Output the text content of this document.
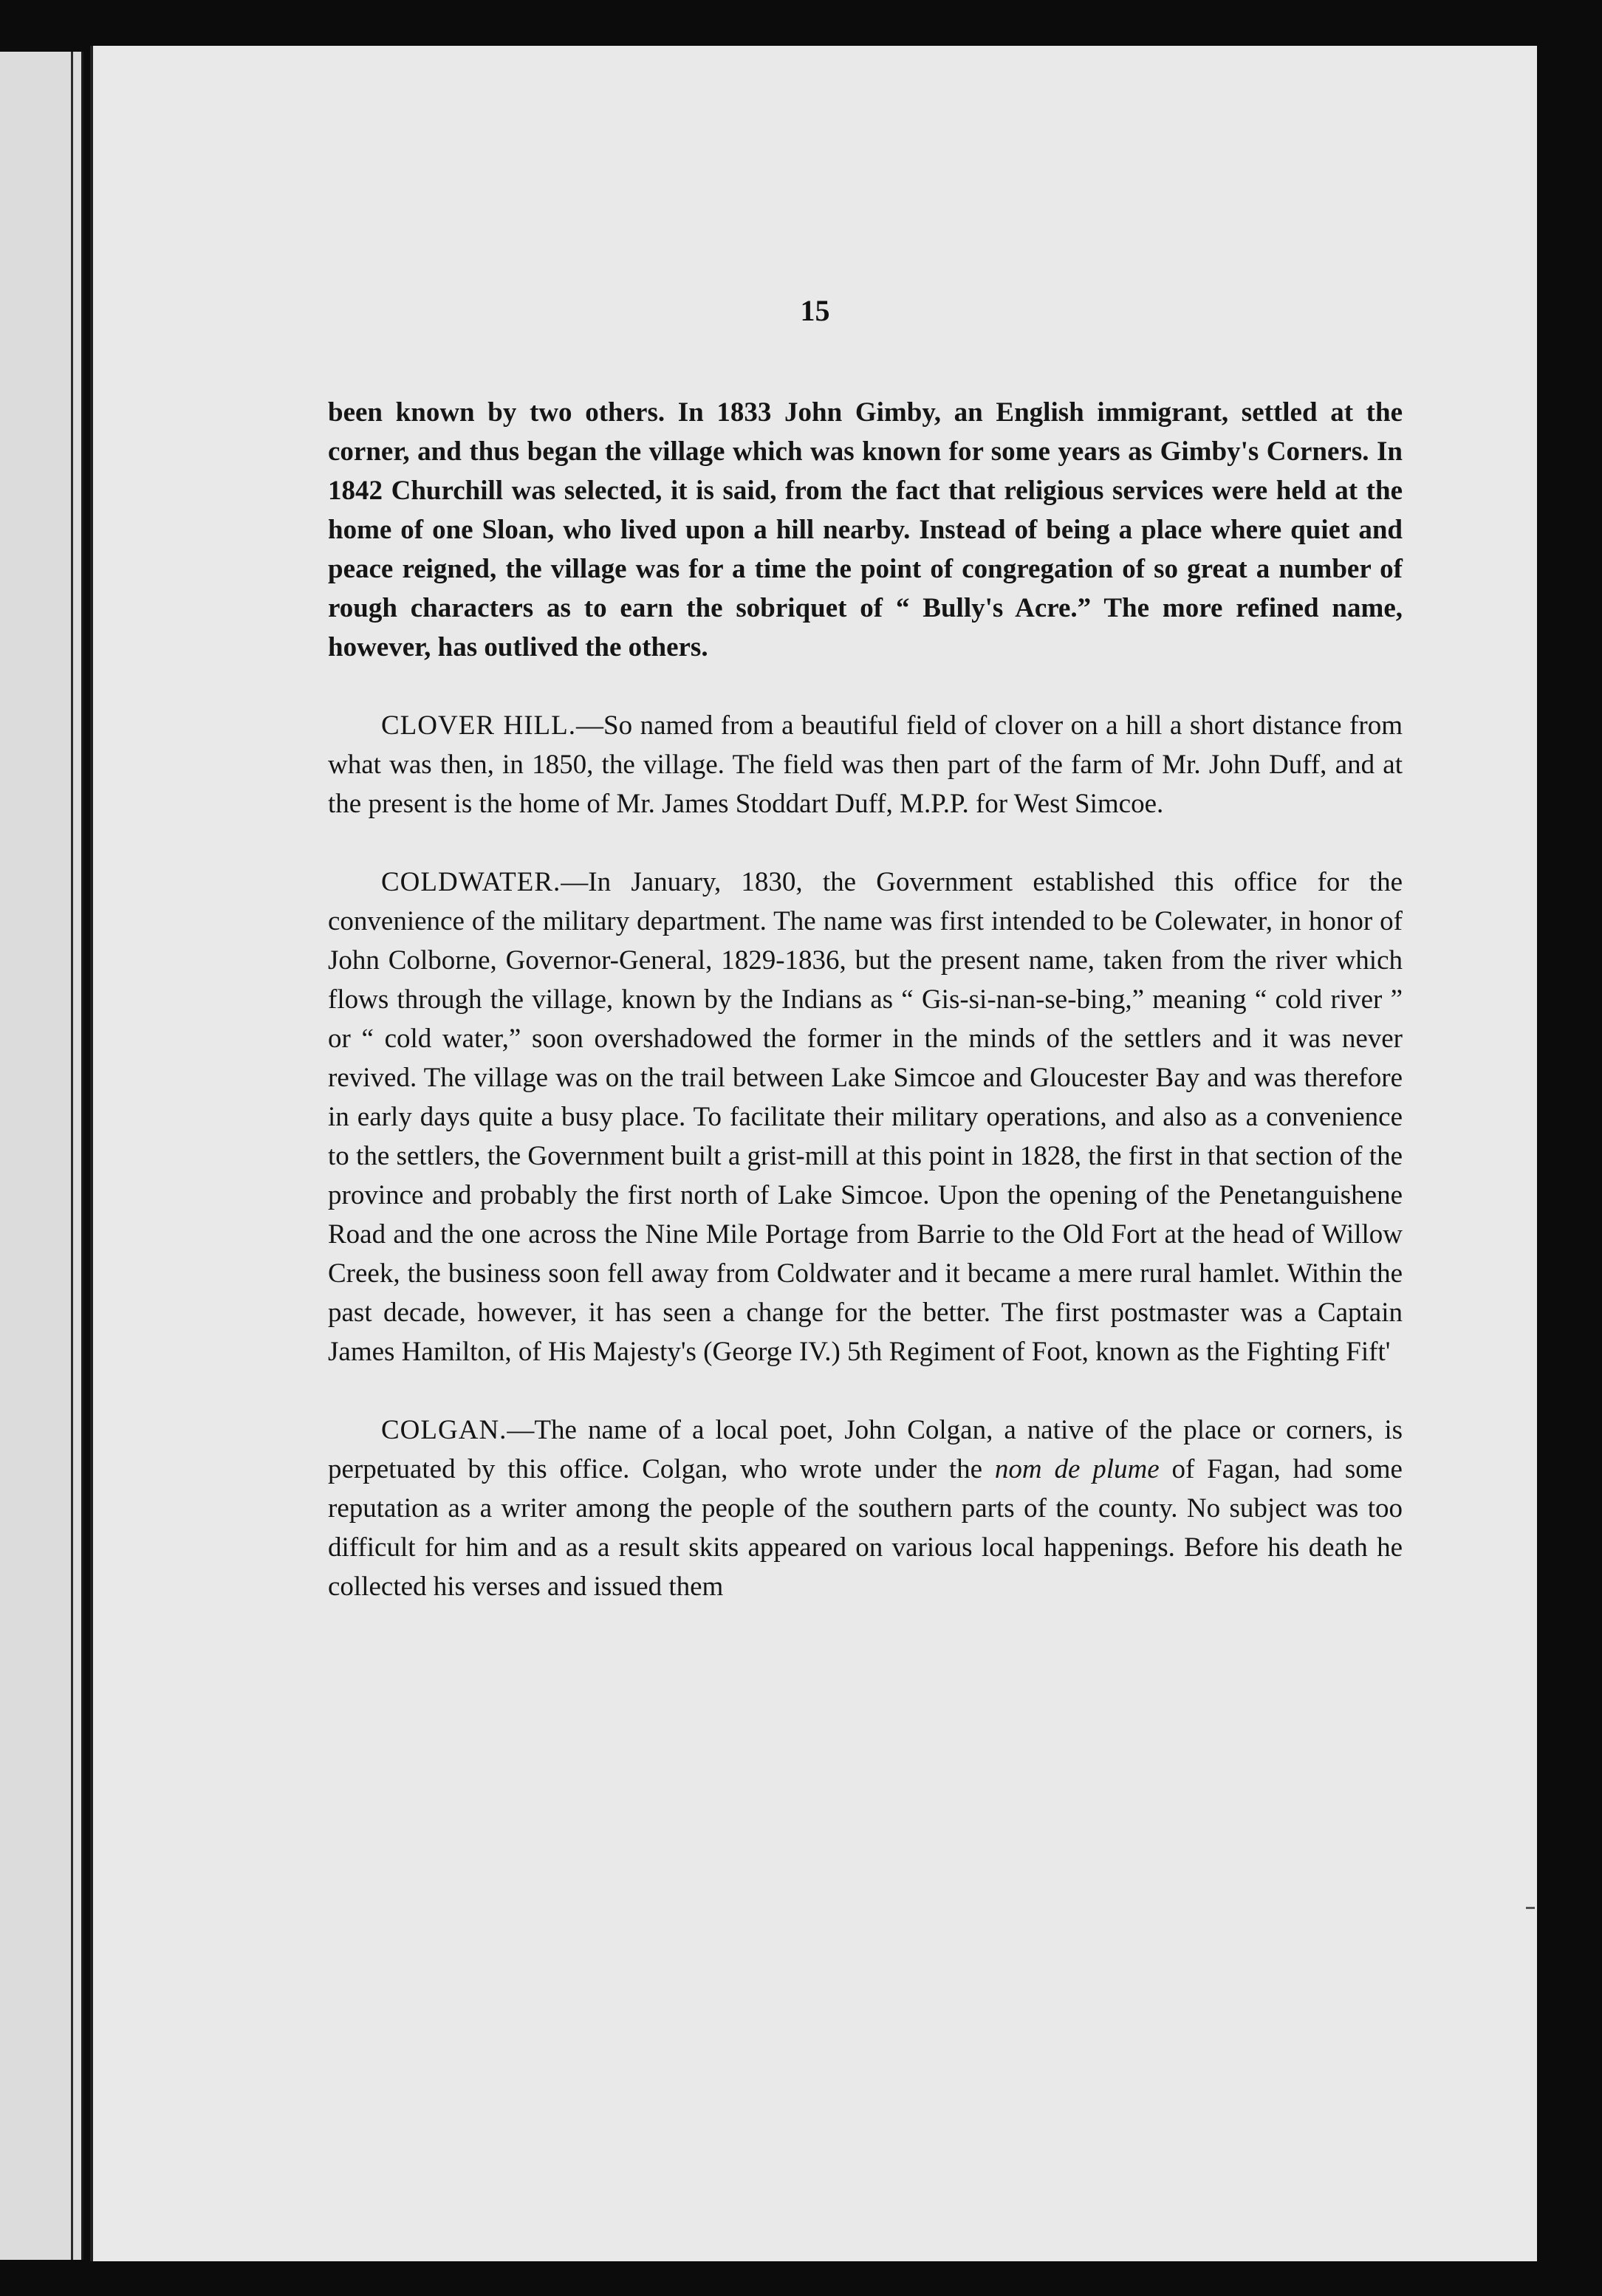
15

been known by two others. In 1833 John Gimby, an English immigrant, settled at the corner, and thus began the village which was known for some years as Gimby's Corners. In 1842 Churchill was selected, it is said, from the fact that religious services were held at the home of one Sloan, who lived upon a hill nearby. Instead of being a place where quiet and peace reigned, the village was for a time the point of congregation of so great a number of rough characters as to earn the sobriquet of “ Bully's Acre.” The more refined name, however, has outlived the others.

CLOVER HILL.—So named from a beautiful field of clover on a hill a short distance from what was then, in 1850, the village. The field was then part of the farm of Mr. John Duff, and at the present is the home of Mr. James Stoddart Duff, M.P.P. for West Simcoe.

COLDWATER.—In January, 1830, the Government established this office for the convenience of the military department. The name was first intended to be Colewater, in honor of John Colborne, Governor-General, 1829-1836, but the present name, taken from the river which flows through the village, known by the Indians as “ Gis-si-nan-se-bing,” meaning “ cold river ” or “ cold water,” soon overshadowed the former in the minds of the settlers and it was never revived. The village was on the trail between Lake Simcoe and Gloucester Bay and was therefore in early days quite a busy place. To facilitate their military operations, and also as a convenience to the settlers, the Government built a grist-mill at this point in 1828, the first in that section of the province and probably the first north of Lake Simcoe. Upon the opening of the Penetanguishene Road and the one across the Nine Mile Portage from Barrie to the Old Fort at the head of Willow Creek, the business soon fell away from Coldwater and it became a mere rural hamlet. Within the past decade, however, it has seen a change for the better. The first postmaster was a Captain James Hamilton, of His Majesty's (George IV.) 5th Regiment of Foot, known as the Fighting Fift'

COLGAN.—The name of a local poet, John Colgan, a native of the place or corners, is perpetuated by this office. Colgan, who wrote under the nom de plume of Fagan, had some reputation as a writer among the people of the southern parts of the county. No subject was too difficult for him and as a result skits appeared on various local happenings. Before his death he collected his verses and issued them
